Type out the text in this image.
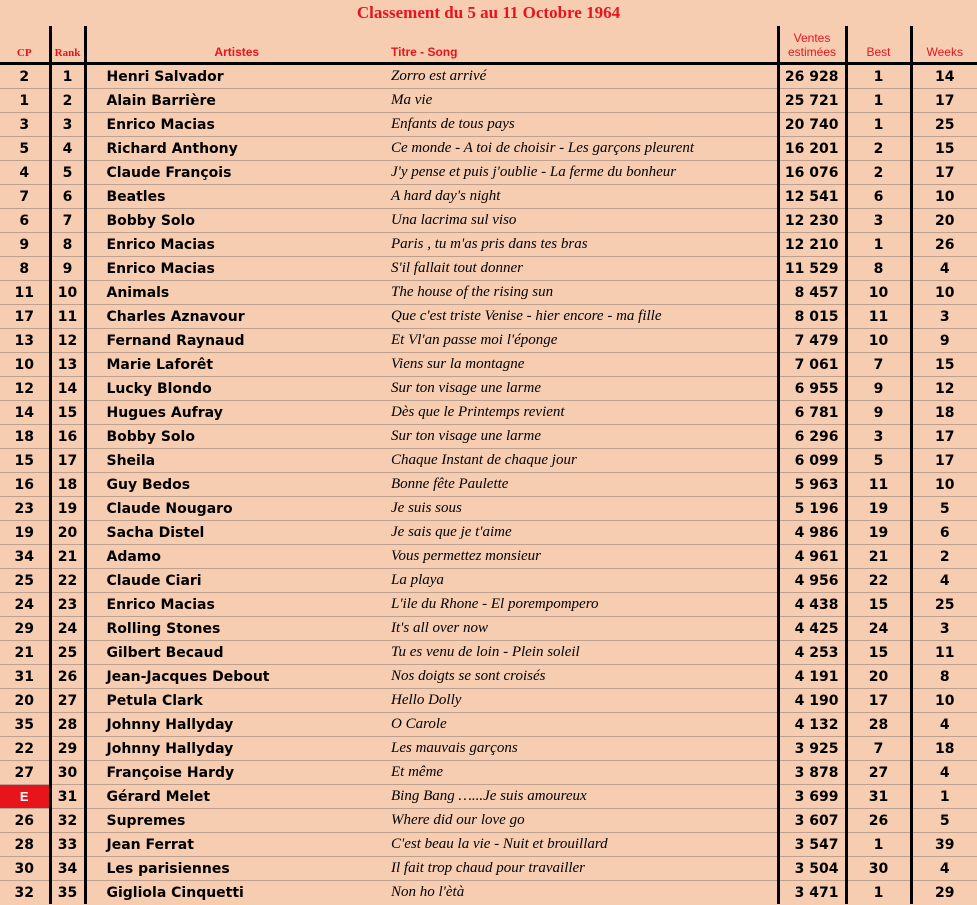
Classement du 5 au 11 Octobre 1964
CP	Rank	Artistes	Titre - Song	Ventes
estimées	Best	Weeks
2	1	Henri Salvador	Zorro est arrivé	26 928	1	14
1	2	Alain Barrière	Ma vie	25 721	1	17
3	3	Enrico Macias	Enfants de tous pays	20 740	1	25
5	4	Richard Anthony	Ce monde - A toi de choisir - Les garçons pleurent	16 201	2	15
4	5	Claude François	J'y pense et puis j'oublie - La ferme du bonheur	16 076	2	17
7	6	Beatles	A hard day's night	12 541	6	10
6	7	Bobby Solo	Una lacrima sul viso	12 230	3	20
9	8	Enrico Macias	Paris , tu m'as pris dans tes bras	12 210	1	26
8	9	Enrico Macias	S'il fallait tout donner	11 529	8	4
11	10	Animals	The house of the rising sun	8 457	10	10
17	11	Charles Aznavour	Que c'est triste Venise - hier encore - ma fille	8 015	11	3
13	12	Fernand Raynaud	Et Vl'an passe moi l'éponge	7 479	10	9
10	13	Marie Laforêt	Viens sur la montagne	7 061	7	15
12	14	Lucky Blondo	Sur ton visage une larme	6 955	9	12
14	15	Hugues Aufray	Dès que le Printemps revient	6 781	9	18
18	16	Bobby Solo	Sur ton visage une larme	6 296	3	17
15	17	Sheila	Chaque Instant de chaque jour	6 099	5	17
16	18	Guy Bedos	Bonne fête Paulette	5 963	11	10
23	19	Claude Nougaro	Je suis sous	5 196	19	5
19	20	Sacha Distel	Je sais que je t'aime	4 986	19	6
34	21	Adamo	Vous permettez monsieur	4 961	21	2
25	22	Claude Ciari	La playa	4 956	22	4
24	23	Enrico Macias	L'ile du Rhone - El porempompero	4 438	15	25
29	24	Rolling Stones	It's all over now	4 425	24	3
21	25	Gilbert Becaud	Tu es venu de loin - Plein soleil	4 253	15	11
31	26	Jean-Jacques Debout	Nos doigts se sont croisés	4 191	20	8
20	27	Petula Clark	Hello Dolly	4 190	17	10
35	28	Johnny Hallyday	O Carole	4 132	28	4
22	29	Johnny Hallyday	Les mauvais garçons	3 925	7	18
27	30	Françoise Hardy	Et même	3 878	27	4
E	31	Gérard Melet	Bing Bang …...Je suis amoureux	3 699	31	1
26	32	Supremes	Where did our love go	3 607	26	5
28	33	Jean Ferrat	C'est beau la vie - Nuit et brouillard	3 547	1	39
30	34	Les parisiennes	Il fait trop chaud pour travailler	3 504	30	4
32	35	Gigliola Cinquetti	Non ho l'ètà	3 471	1	29
